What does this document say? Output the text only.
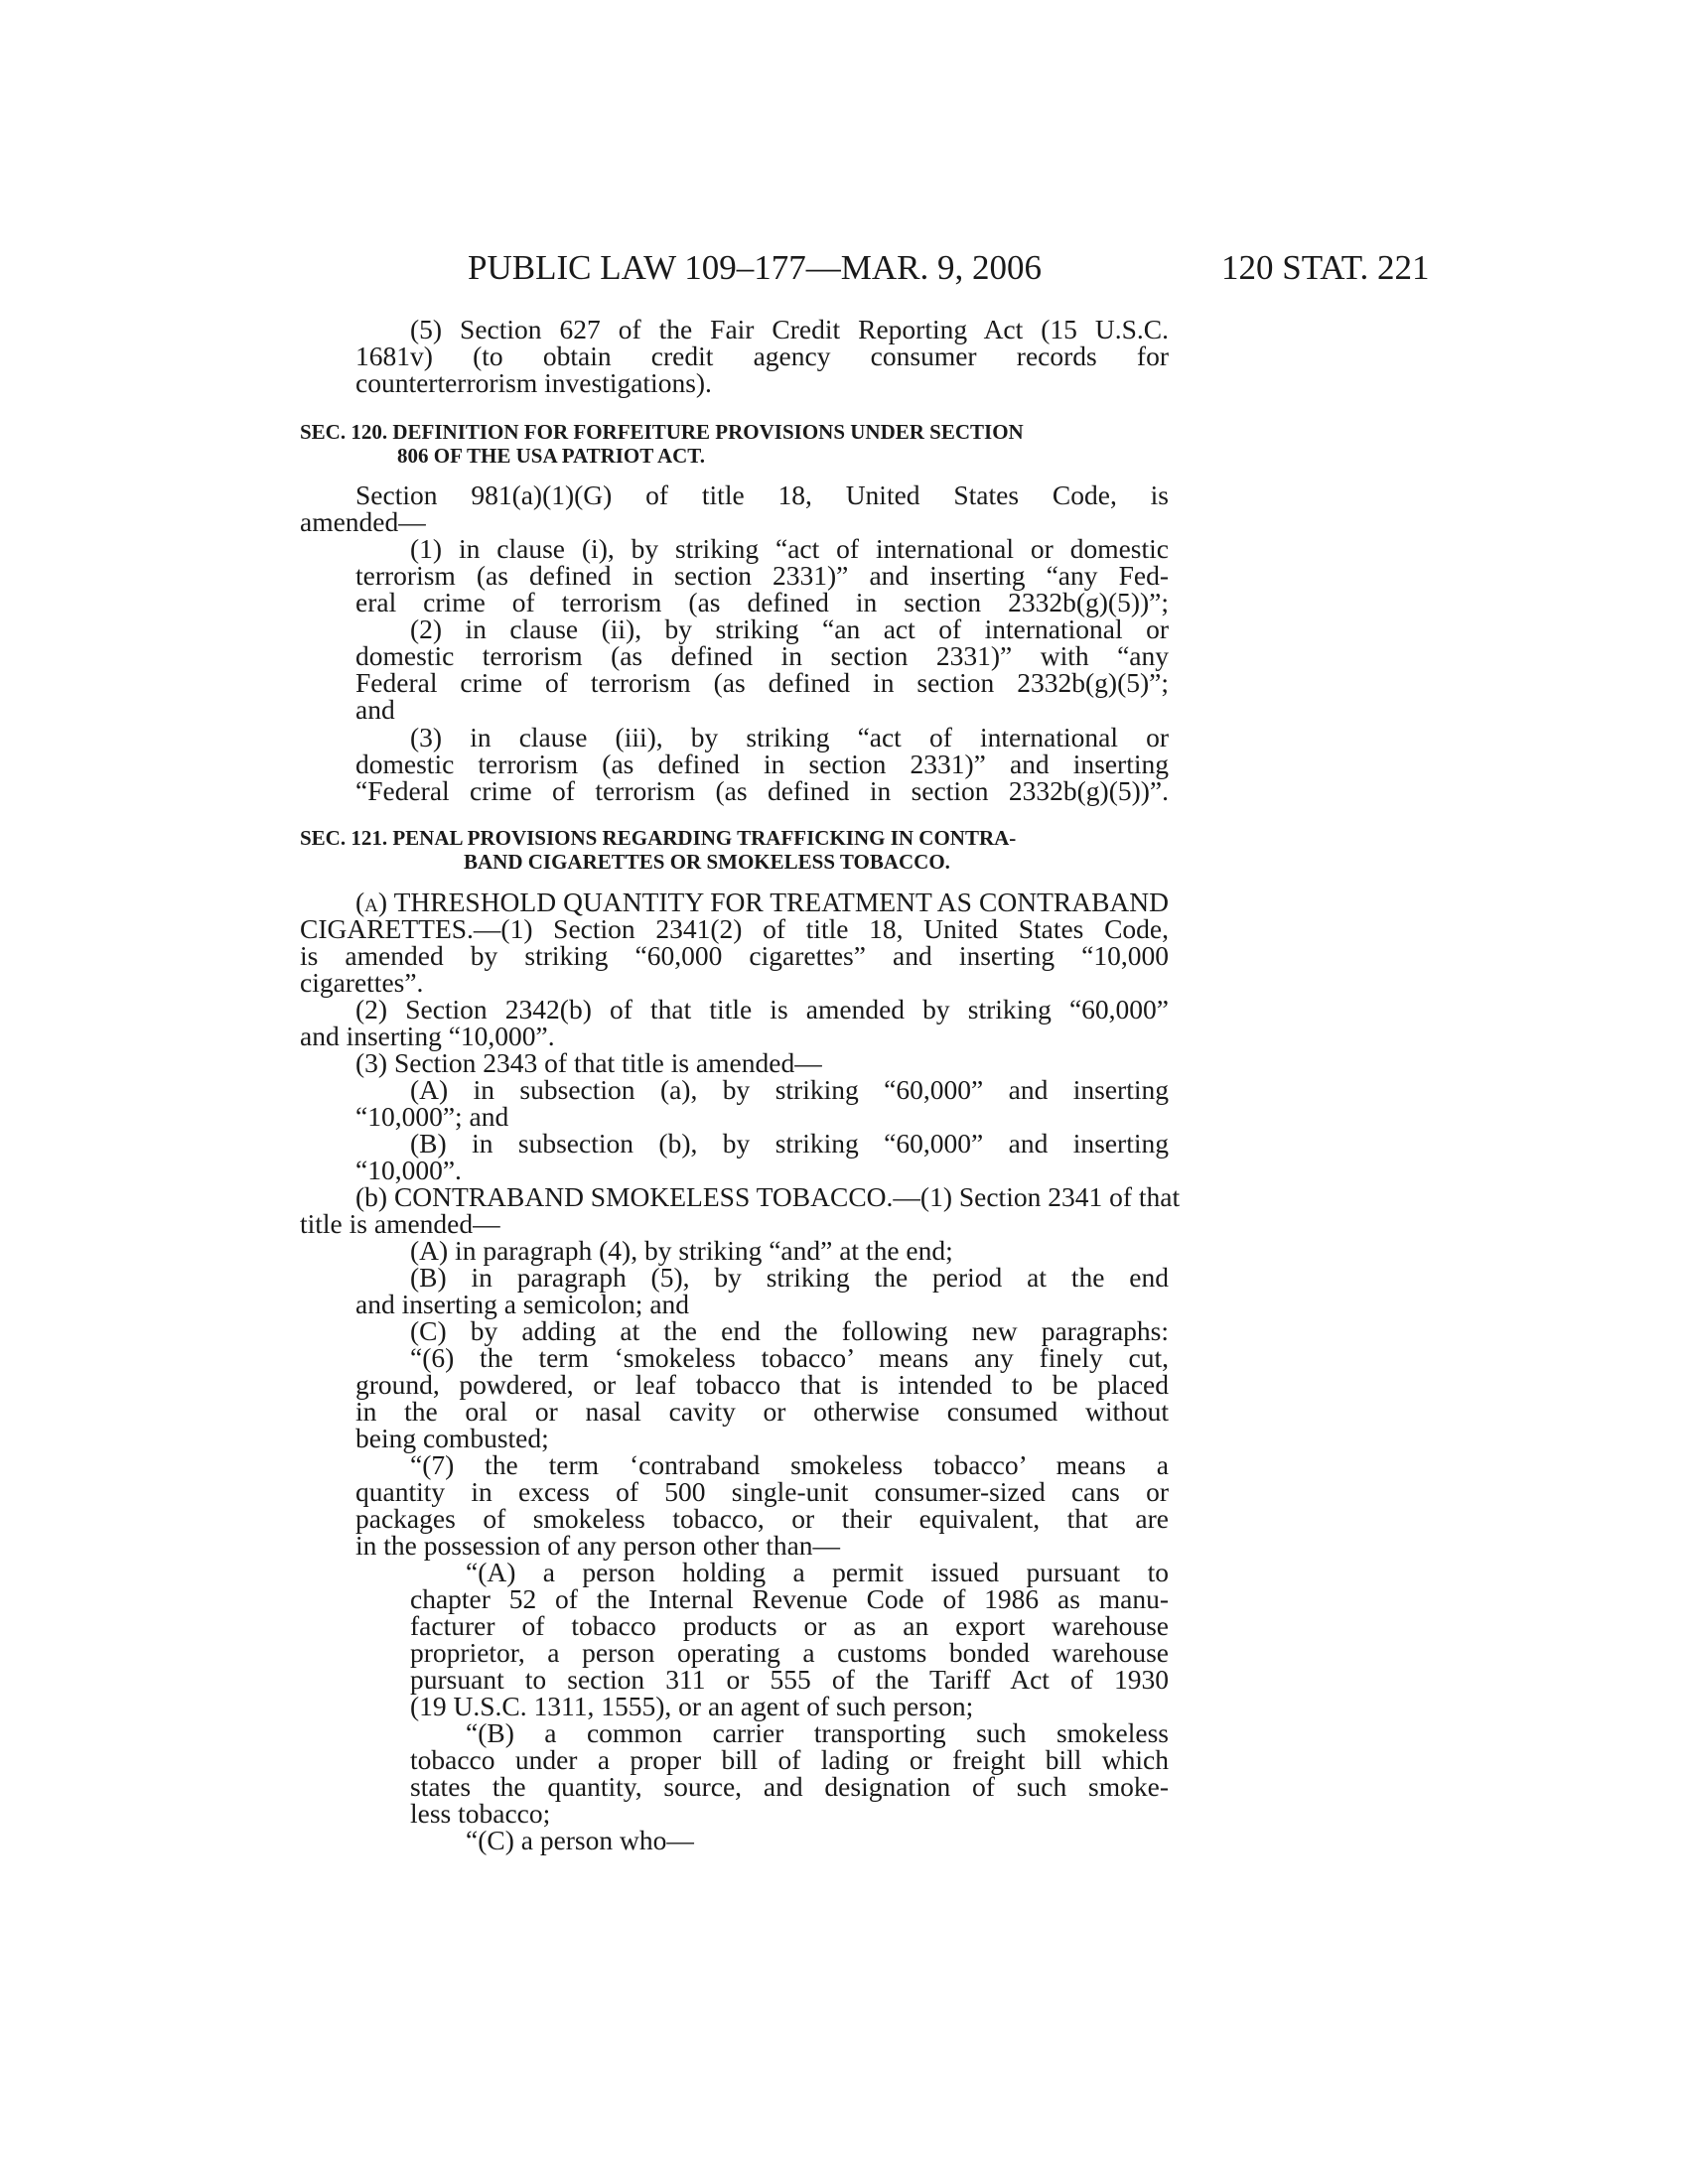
PUBLIC LAW 109–177—MAR. 9, 2006	120 STAT. 221
(5) Section 627 of the Fair Credit Reporting Act (15 U.S.C.
1681v) (to obtain credit agency consumer records for
counterterrorism investigations).
SEC. 120. DEFINITION FOR FORFEITURE PROVISIONS UNDER SECTION
806 OF THE USA PATRIOT ACT.
Section 981(a)(1)(G) of title 18, United States Code, is
amended—
(1) in clause (i), by striking “act of international or domestic
terrorism (as defined in section 2331)” and inserting “any Fed-
eral crime of terrorism (as defined in section 2332b(g)(5))”;
(2) in clause (ii), by striking “an act of international or
domestic terrorism (as defined in section 2331)” with “any
Federal crime of terrorism (as defined in section 2332b(g)(5)”;
and
(3) in clause (iii), by striking “act of international or
domestic terrorism (as defined in section 2331)” and inserting
“Federal crime of terrorism (as defined in section 2332b(g)(5))”.
SEC. 121. PENAL PROVISIONS REGARDING TRAFFICKING IN CONTRA-
BAND CIGARETTES OR SMOKELESS TOBACCO.
(a) THRESHOLD QUANTITY FOR TREATMENT AS CONTRABAND
CIGARETTES.—(1) Section 2341(2) of title 18, United States Code,
is amended by striking “60,000 cigarettes” and inserting “10,000
cigarettes”.
(2) Section 2342(b) of that title is amended by striking “60,000”
and inserting “10,000”.
(3) Section 2343 of that title is amended—
(A) in subsection (a), by striking “60,000” and inserting
“10,000”; and
(B) in subsection (b), by striking “60,000” and inserting
“10,000”.
(b) CONTRABAND SMOKELESS TOBACCO.—(1) Section 2341 of that
title is amended—
(A) in paragraph (4), by striking “and” at the end;
(B) in paragraph (5), by striking the period at the end
and inserting a semicolon; and
(C) by adding at the end the following new paragraphs:
“(6) the term ‘smokeless tobacco’ means any finely cut,
ground, powdered, or leaf tobacco that is intended to be placed
in the oral or nasal cavity or otherwise consumed without
being combusted;
“(7) the term ‘contraband smokeless tobacco’ means a
quantity in excess of 500 single-unit consumer-sized cans or
packages of smokeless tobacco, or their equivalent, that are
in the possession of any person other than—
“(A) a person holding a permit issued pursuant to
chapter 52 of the Internal Revenue Code of 1986 as manu-
facturer of tobacco products or as an export warehouse
proprietor, a person operating a customs bonded warehouse
pursuant to section 311 or 555 of the Tariff Act of 1930
(19 U.S.C. 1311, 1555), or an agent of such person;
“(B) a common carrier transporting such smokeless
tobacco under a proper bill of lading or freight bill which
states the quantity, source, and designation of such smoke-
less tobacco;
“(C) a person who—
